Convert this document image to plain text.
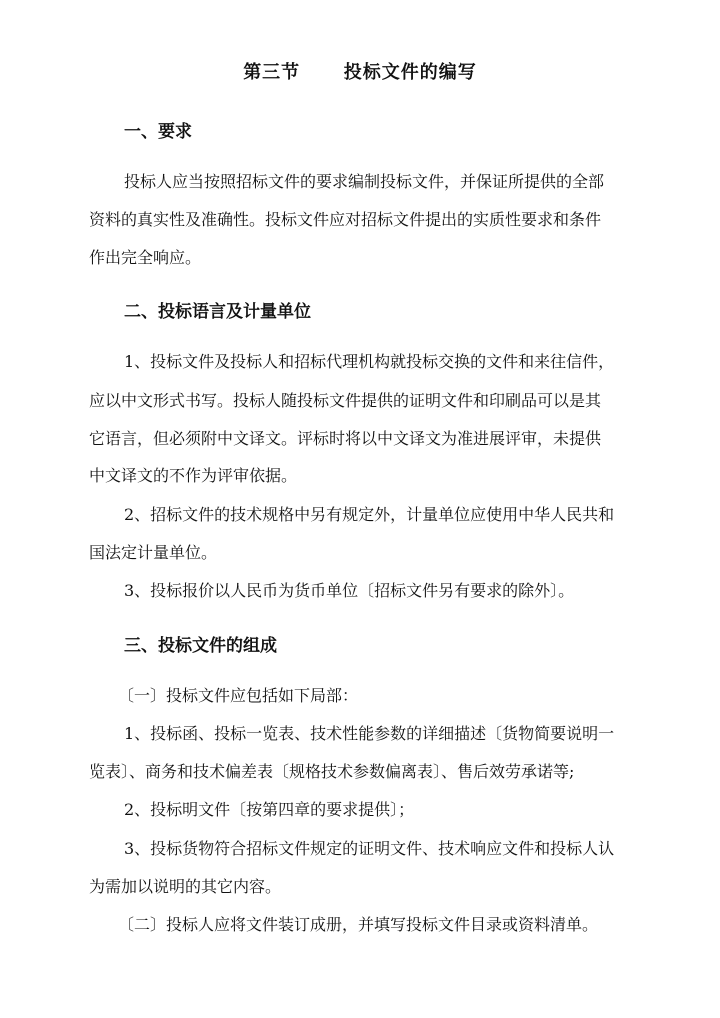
第三节      投标文件的编写
一、要求
投标人应当按照招标文件的要求编制投标文件，并保证所提供的全部
资料的真实性及准确性。投标文件应对招标文件提出的实质性要求和条件
作出完全响应。
二、投标语言及计量单位
1、投标文件及投标人和招标代理机构就投标交换的文件和来往信件，
应以中文形式书写。投标人随投标文件提供的证明文件和印刷品可以是其
它语言，但必须附中文译文。评标时将以中文译文为准进展评审，未提供
中文译文的不作为评审依据。
2、招标文件的技术规格中另有规定外，计量单位应使用中华人民共和
国法定计量单位。
3、投标报价以人民币为货币单位〔招标文件另有要求的除外〕。
三、投标文件的组成
〔一〕投标文件应包括如下局部：
1、投标函、投标一览表、技术性能参数的详细描述〔货物简要说明一
览表〕、商务和技术偏差表〔规格技术参数偏离表〕、售后效劳承诺等;
2、投标明文件〔按第四章的要求提供〕；
3、投标货物符合招标文件规定的证明文件、技术响应文件和投标人认
为需加以说明的其它内容。
〔二〕投标人应将文件装订成册，并填写投标文件目录或资料清单。
